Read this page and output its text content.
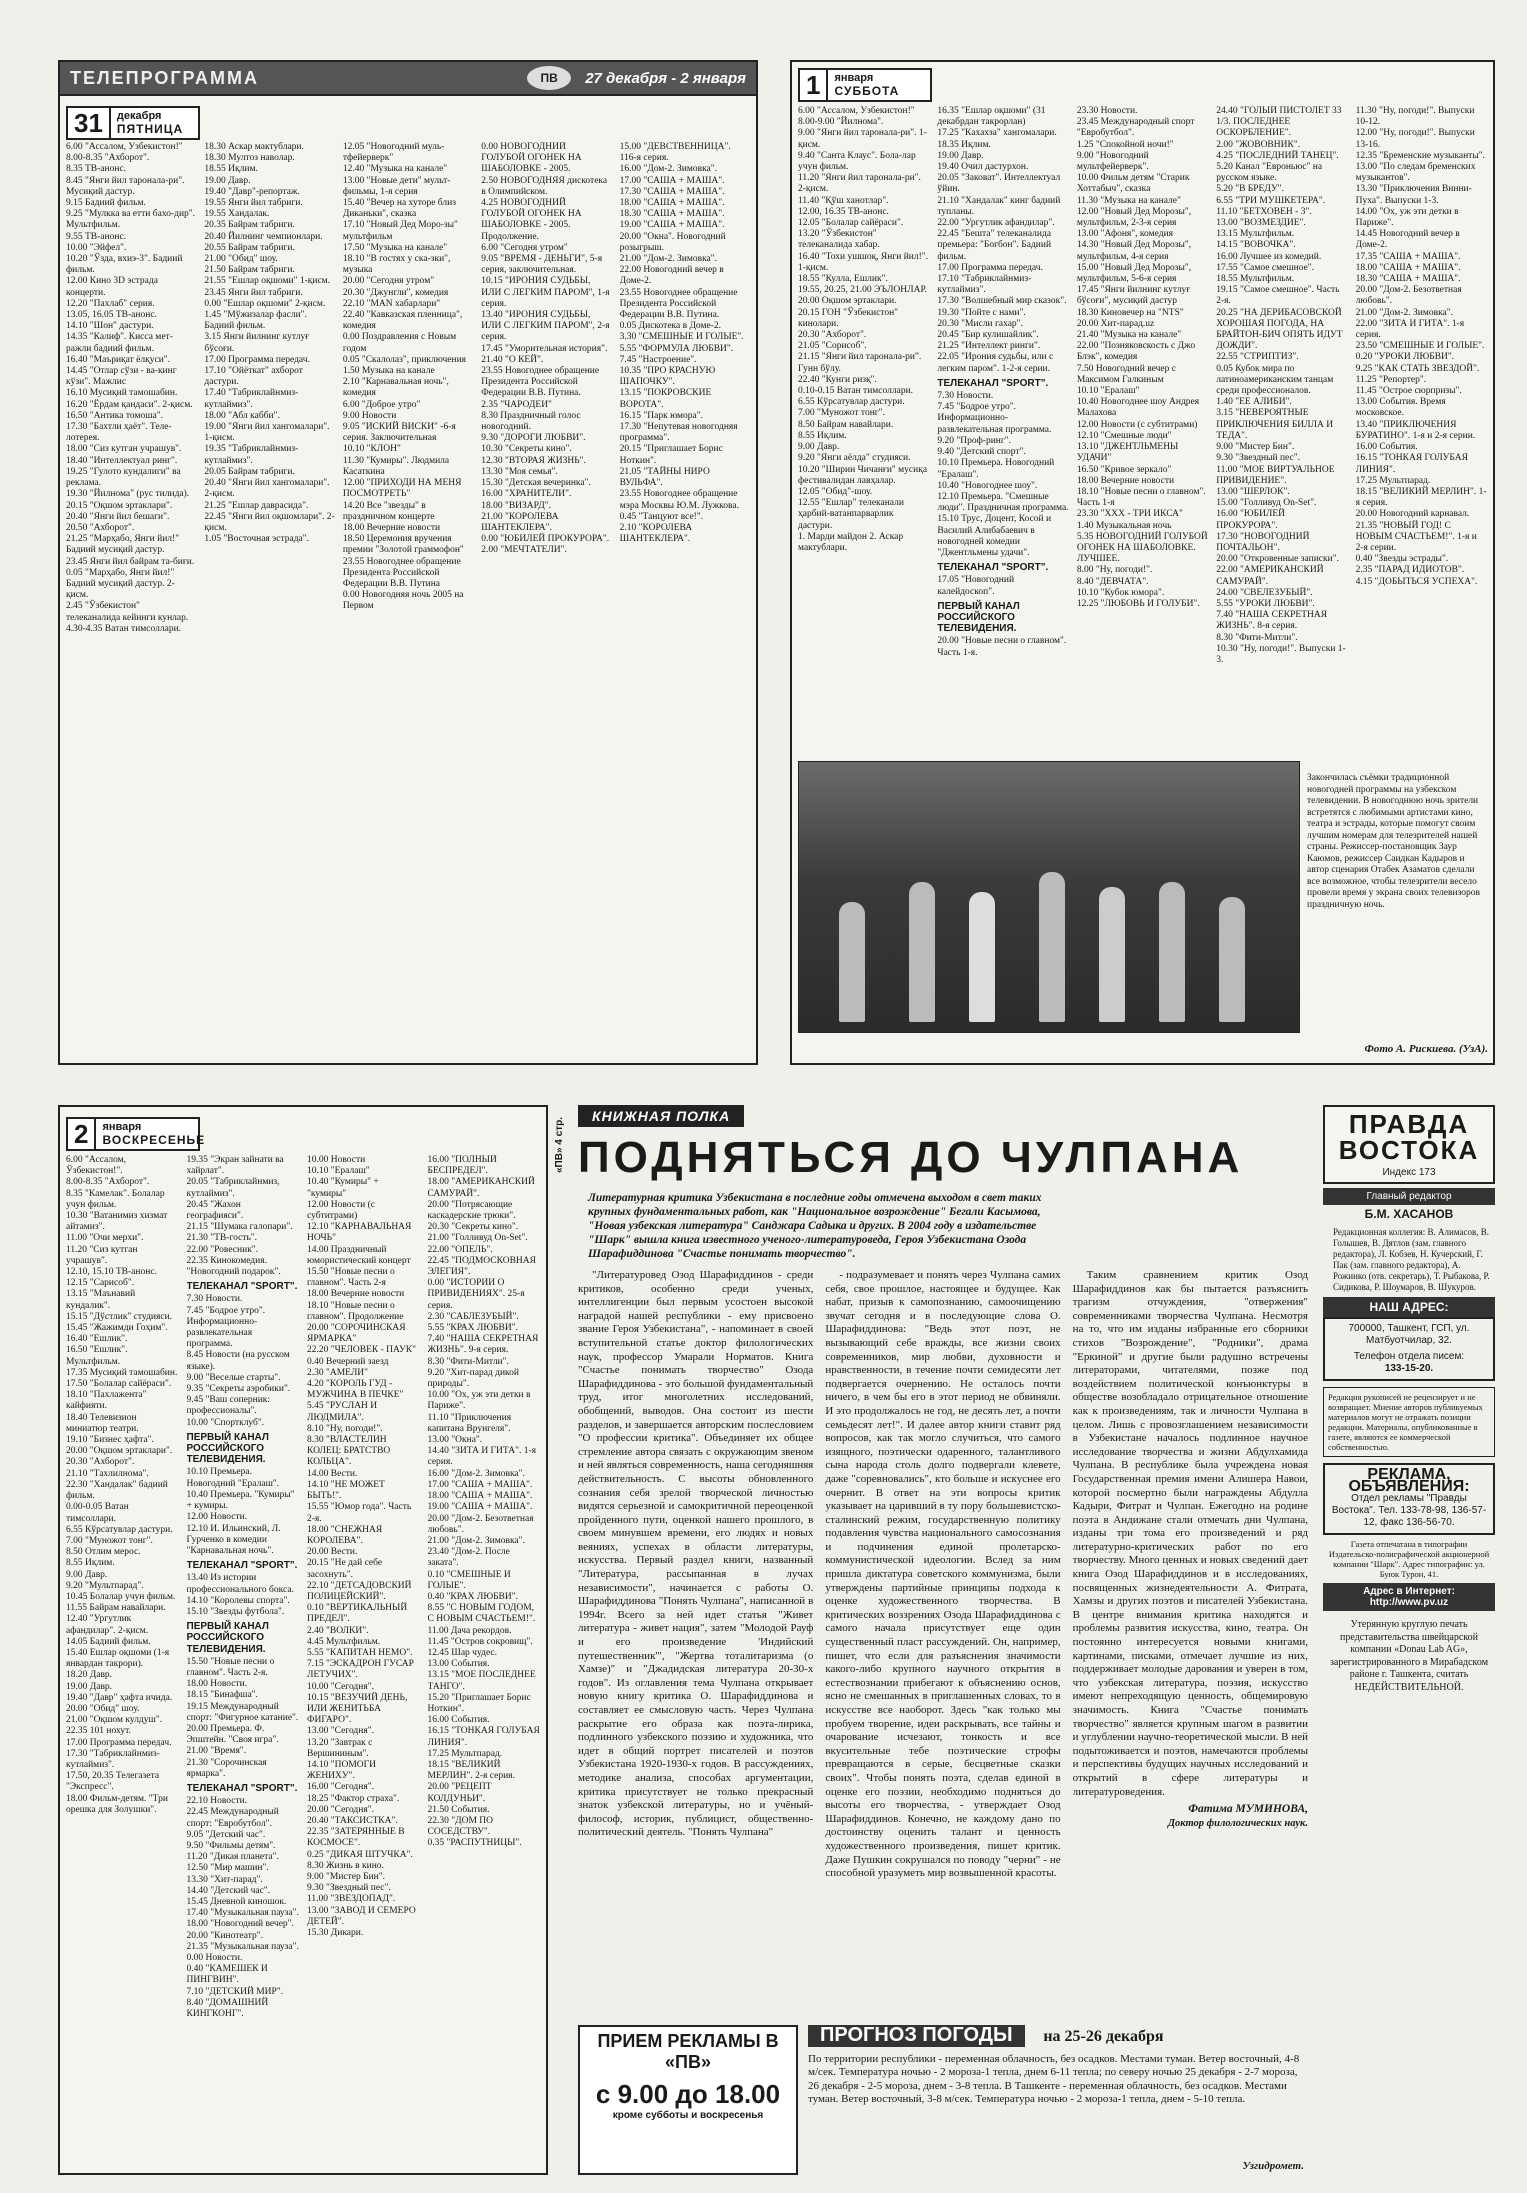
ТЕЛЕПРОГРАММА	ПВ	27 декабря - 2 января
31	декабря
ПЯТНИЦА
6.00 "Ассалом, Ўзбекистон!"
8.00-8.35 "Ахборот".
8.35 ТВ-анонс.
8.45 "Янги йил таронала-ри". Мусиқий дастур.
9.15 Бадиий фильм.
9.25 "Мулкка ва етти бахо-дир". Мультфильм.
9.55 ТВ-анонс.
10.00 "Эйфел".
10.20 "Ўзда, вхиэ-3". Бадиий фильм.
12.00 Кино 3D эстрада концерти.
12.20 "Пахлаб" серия.
13.05, 16.05 ТВ-анонс.
14.10 "Шон" дастури.
14.35 "Калиф". Кисса мет-ражли бадиий фильм.
16.40 "Маъриқат ёлқуси".
14.45 "Отлар сўзи - ва-кинг кўзи". Мажлис
16.10 Мусиқий тамошабин.
16.20 "Ёрдам қандаси". 2-қисм.
16.50 "Антика томоша".
17.30 "Бахтли ҳаёт". Теле-лотерея.
18.00 "Сиз кутган учрашув".
18.40 "Интеллектуал ринг".
19.25 "Гулото кундалиги" ва реклама.
19.30 "Йилнома" (рус тилида).
20.15 "Оқшом эртаклари".
20.40 "Янги йил бешаги".
20.50 "Ахборот".
21.25 "Марҳабо, Янги йил!" Бадиий мусиқий дастур.
23.45 Янги йил байрам та-биғи.
0.05 "Марҳабо, Янги йил!" Бадиий мусиқий дастур. 2-қисм.
2.45 "Ўзбекистон" телеканалида кейинги кунлар.
4.30-4.35 Ватан тимсоллари.
18.30 Аскар мактублари.
18.30 Мултоз наволар.
18.55 Иқлим.
19.00 Давр.
19.40 "Давр"-репортаж.
19.55 Янги йил табриги.
19.55 Хандалак.
20.35 Байрам табриги.
20.40 Йилнинг чемпионлари.
20.55 Байрам табриги.
21.00 "Обид" шоу.
21.50 Байрам табриги.
21.55 "Ешлар оқшоми" 1-қисм.
23.45 Янги йил табриги.
0.00 "Ешлар оқшоми" 2-қисм.
1.45 "Мўжизалар фасли". Бадиий фильм.
3.15 Янги йилнинг кутлуғ бўсоғи.
17.00 Программа передач.
17.10 "Ойёткат" ахборот дастури.
17.40 "Табриклайнмиз-кутлаймиз".
18.00 "Абл кабби".
19.00 "Янги йил хангомалари". 1-қисм.
19.35 "Табриклайнмиз-кутлаймиз".
20.05 Байрам табриги.
20.40 "Янги йил хангомалари". 2-қисм.
21.25 "Ешлар даврасида".
22.45 "Янги йил оқшомлари". 2-қисм.
1.05 "Восточная эстрада".
12.05 "Новогодний муль-тфейерверк"
12.40 "Музыка на канале"
13.00 "Новые дети" мульт-фильмы, 1-я серия
15.40 "Вечер на хуторе близ Диканьки", сказка
17.10 "Новый Дед Моро-зы" мультфильм
17.50 "Музыка на канале"
18.10 "В гостях у ска-зки", музыка
20.00 "Сегодня утром"
20.30 "Джунгли", комедия
22.10 "MAN хабарлари"
22.40 "Кавказская пленница", комедия
0.00 Поздравления с Новым годом
0.05 "Скалолаз", приключения
1.50 Музыка на канале
2.10 "Карнавальная ночь", комедия
6.00 "Доброе утро"
9.00 Новости
9.05 "ИСКИЙ ВИСКИ" -6-я серия. Заключительная
10.10 "КЛОН"
11.30 "Кумиры". Людмила Касаткина
12.00 "ПРИХОДИ НА МЕНЯ ПОСМОТРЕТЬ"
14.20 Все "звезды" в праздничном концерте
18.00 Вечерние новости
18.50 Церемония вручения премии "Золотой граммофон"
23.55 Новогоднее обращение Президента Российской Федерации В.В. Путина
0.00 Новогодняя ночь 2005 на Первом
0.00 НОВОГОДНИЙ ГОЛУБОЙ ОГОНЕК НА ШАБОЛОВКЕ - 2005.
2.50 НОВОГОДНЯЯ дискотека в Олимпийском.
4.25 НОВОГОДНИЙ ГОЛУБОЙ ОГОНЕК НА ШАБОЛОВКЕ - 2005. Продолжение.
6.00 "Сегодня утром"
9.05 "ВРЕМЯ - ДЕНЬГИ", 5-я серия, заключительная.
10.15 "ИРОНИЯ СУДЬБЫ, ИЛИ С ЛЕГКИМ ПАРОМ", 1-я серия.
13.40 "ИРОНИЯ СУДЬБЫ, ИЛИ С ЛЕГКИМ ПАРОМ", 2-я серия.
17.45 "Уморительная история".
21.40 "О КЕЙ".
23.55 Новогоднее обращение Президента Российской Федерации В.В. Путина.
2.35 "ЧАРОДЕИ"
8.30 Праздничный голос новогодний.
9.30 "ДОРОГИ ЛЮБВИ".
10.30 "Секреты кино".
12.30 "ВТОРАЯ ЖИЗНЬ".
13.30 "Моя семья".
15.30 "Детская вечеринка".
16.00 "ХРАНИТЕЛИ".
18.00 "ВИЗАРД".
21.00 "КОРОЛЕВА ШАНТЕКЛЕРА".
0.00 "ЮБИЛЕЙ ПРОКУРОРА".
2.00 "МЕЧТАТЕЛИ".
15.00 "ДЕВСТВЕННИЦА". 116-я серия.
16.00 "Дом-2. Зимовка".
17.00 "САША + МАША".
17.30 "САША + МАША".
18.00 "САША + МАША".
18.30 "САША + МАША".
19.00 "САША + МАША".
20.00 "Окна". Новогодний розыгрыш.
21.00 "Дом-2. Зимовка".
22.00 Новогодний вечер в Доме-2.
23.55 Новогоднее обращение Президента Российской Федерации В.В. Путина.
0.05 Дискотека в Доме-2.
3.30 "СМЕШНЫЕ И ГОЛЫЕ".
5.55 "ФОРМУЛА ЛЮБВИ".
7.45 "Настроение".
10.35 "ПРО КРАСНУЮ ШАПОЧКУ".
13.15 "ПОКРОВСКИЕ ВОРОТА".
16.15 "Парк юмора".
17.30 "Непутевая новогодняя программа".
20.15 "Приглашает Борис Ноткин".
21.05 "ТАЙНЫ НИРО ВУЛЬФА".
23.55 Новогоднее обращение мэра Москвы Ю.М. Лужкова.
0.45 "Танцуют все!".
2.10 "КОРОЛЕВА ШАНТЕКЛЕРА".
1	января
СУББОТА
6.00 "Ассалом, Ўзбекистон!"
8.00-9.00 "Йилнома".
9.00 "Янги йил таронала-ри". 1-қисм.
9.40 "Санта Клаус". Бола-лар учун фильм.
11.20 "Янги йил таронала-ри". 2-қисм.
11.40 "Қўш ханотлар".
12.00, 16.35 ТВ-анонс.
12.05 "Болалар сайёраси".
13.20 "Ўзбекистон" телеканалида хабар.
16.40 "Тохи ушшоқ, Янги йил!". 1-қисм.
18.55 "Кулла, Ешлик".
19.55, 20.25, 21.00 ЭЪЛОНЛАР.
20.00 Оқшом эртаклари.
20.15 ГОН "Ўзбекистон" кинолари.
20.30 "Ахборот".
21.05 "Сорисоб".
21.15 "Янги йил таронала-ри". Гунн бўлу.
22.40 "Кунги ризқ".
0.10-0.15 Ватан тимсоллари.
6.55 Кўрсатувлар дастури.
7.00 "Муножот тонг".
8.50 Байрам навайлари.
8.55 Иқлим.
9.00 Давр.
9.20 "Янги аёлда" студияси.
10.20 "Ширин Чичанғи" мусиқа фестивалидан лавҳалар.
12.05 "Обид"-шоу.
12.55 "Ешлар" телеканали ҳарбий-ватанпарварлик дастури.
1. Марди майдон 2. Аскар мактублари.
16.35 "Ешлар оқшоми" (31 декабрдан такрорлан)
17.25 "Кахахза" хангомалари.
18.35 Иқлим.
19.00 Давр.
19.40 Очил дастурхон.
20.05 "Заковат". Интеллектуал ўйин.
21.10 "Хандалак" кинг бадиий тупланы.
22.00 "Ургутлик афандилар".
22.45 "Бешта" телеканалида премьера: "Богбон". Бадиий фильм.
17.00 Программа передач.
17.10 "Табриклайнмиз-кутлаймиз".
17.30 "Волшебный мир сказок".
19.30 "Пойте с нами".
20.30 "Мисли гахар".
20.45 "Бир кулишайлик".
21.25 "Интеллект ринги".
22.05 "Ирония судьбы, или с легким паром". 1-2-я серии.
ТЕЛЕКАНАЛ "SPORT".
7.30 Новости.
7.45 "Бодрое утро". Информационно-развлекательная программа.
9.20 "Проф-ринг".
9.40 "Детский спорт".
10.10 Премьера. Новогодний "Ералаш".
10.40 "Новогоднее шоу".
12.10 Премьера. "Смешные люди". Праздничная программа.
15.10 Трус, Доцент, Косой и Василий Алибабаевич в новогодней комедии "Джентльмены удачи".
ТЕЛЕКАНАЛ "SPORT".
17.05 "Новогодний калейдоскоп".
ПЕРВЫЙ КАНАЛ РОССИЙСКОГО ТЕЛЕВИДЕНИЯ.
20.00 "Новые песни о главном". Часть 1-я.
23.30 Новости.
23.45 Международный спорт "Евробутбол".
1.25 "Спокойной ночи!"
9.00 "Новогодний мультфейерверк".
10.00 Фильм детям "Старик Хоттабыч", сказка
11.30 "Музыка на канале"
12.00 "Новый Дед Морозы", мультфильм, 2-3-я серия
13.00 "Афоня", комедия
14.30 "Новый Дед Морозы", мультфильм, 4-я серия
15.00 "Новый Дед Морозы", мультфильм, 5-6-я серия
17.45 "Янги йилнинг кутлуғ бўсоғи", мусиқий дастур
18.30 Киновечер на "NTS"
20.00 Хит-парад.uz
21.40 "Музыка на канале"
22.00 "Позняковскость с Джо Блэк", комедия
7.50 Новогодний вечер с Максимом Галкиным
10.10 "Ералаш"
10.40 Новогоднее шоу Андрея Малахова
12.00 Новости (с субтитрами)
12.10 "Смешные люди"
13.10 "ДЖЕНТЛЬМЕНЫ УДАЧИ"
16.50 "Кривое зеркало"
18.00 Вечерние новости
18.10 "Новые песни о главном". Часть 1-я
23.30 "XXX - ТРИ ИКСА"
1.40 Музыкальная ночь
5.35 НОВОГОДНИЙ ГОЛУБОЙ ОГОНЕК НА ШАБОЛОВКЕ. ЛУЧШЕЕ.
8.00 "Ну, погоди!".
8.40 "ДЕВЧАТА".
10.10 "Кубок юмора".
12.25 "ЛЮБОВЬ И ГОЛУБИ".
24.40 "ГОЛЫЙ ПИСТОЛЕТ 33 1/3. ПОСЛЕДНЕЕ ОСКОРБЛЕНИЕ".
2.00 "ЖОВОВНИК".
4.25 "ПОСЛЕДНИЙ ТАНЕЦ".
5.20 Канал "Евроньюс" на русском языке.
5.20 "В БРЕДУ".
6.55 "ТРИ МУШКЕТЕРА".
11.10 "БЕТХОВЕН - 3".
13.00 "ВОЗМЕЗДИЕ".
13.15 Мультфильм.
14.15 "ВОВОЧКА".
16.00 Лучшее из комедий.
17.55 "Самое смешное".
18.55 Мультфильм.
19.15 "Самое смешное". Часть 2-я.
20.25 "НА ДЕРИБАСОВСКОЙ ХОРОШАЯ ПОГОДА, НА БРАЙТОН-БИЧ ОПЯТЬ ИДУТ ДОЖДИ".
22.55 "СТРИПТИЗ".
0.05 Кубок мира по латиноамериканским танцам среди профессионалов.
1.40 "ЕЕ АЛИБИ".
3.15 "НЕВЕРОЯТНЫЕ ПРИКЛЮЧЕНИЯ БИЛЛА И ТЕДА".
9.00 "Мистер Бин".
9.30 "Звездный пес".
11.00 "МОЕ ВИРТУАЛЬНОЕ ПРИВИДЕНИЕ".
13.00 "ШЕРЛОК".
15.00 "Голливуд On-Set".
16.00 "ЮБИЛЕЙ ПРОКУРОРА".
17.30 "НОВОГОДНИЙ ПОЧТАЛЬОН".
20.00 "Откровенные записки".
22.00 "АМЕРИКАНСКИЙ САМУРАЙ".
24.00 "СВЕЛЕЗУБЫЙ".
5.55 "УРОКИ ЛЮБВИ".
7.40 "НАША СЕКРЕТНАЯ ЖИЗНЬ". 8-я серия.
8.30 "Фити-Митли".
10.30 "Ну, погоди!". Выпуски 1-3.
11.30 "Ну, погоди!". Выпуски 10-12.
12.00 "Ну, погоди!". Выпуски 13-16.
12.35 "Бременские музыканты".
13.00 "По следам бременских музыкантов".
13.30 "Приключения Винни-Пуха". Выпуски 1-3.
14.00 "Ох, уж эти детки в Париже".
14.45 Новогодний вечер в Доме-2.
17.35 "САША + МАША".
18.00 "САША + МАША".
18.30 "САША + МАША".
20.00 "Дом-2. Безответная любовь".
21.00 "Дом-2. Зимовка".
22.00 "ЗИТА И ГИТА". 1-я серия.
23.50 "СМЕШНЫЕ И ГОЛЫЕ".
0.20 "УРОКИ ЛЮБВИ".
9.25 "КАК СТАТЬ ЗВЕЗДОЙ".
11.25 "Репортер".
11.45 "Острое сюрпризы".
13.00 События. Время московское.
13.40 "ПРИКЛЮЧЕНИЯ БУРАТИНО". 1-я и 2-я серии.
16.00 События.
16.15 "ТОНКАЯ ГОЛУБАЯ ЛИНИЯ".
17.25 Мультпарад.
18.15 "ВЕЛИКИЙ МЕРЛИН". 1-я серия.
20.00 Новогодний карнавал.
21.35 "НОВЫЙ ГОД! С НОВЫМ СЧАСТЬЕМ!". 1-я и 2-я серии.
0.40 "Звезды эстрады".
2.35 "ПАРАД ИДИОТОВ".
4.15 "ДОБЫТЬСЯ УСПЕХА".
Закончилась съёмки традиционной новогодней программы на узбекском телевидении. В новогоднюю ночь зрители встретятся с любимыми артистами кино, театра и эстрады, которые помогут своим лучшим номерам для телезрителей нашей страны. Режиссер-постановщик Заур Каюмов, режиссер Саидкан Кадыров и автор сценария Отабек Азаматов сделали все возможное, чтобы телезрители весело провели время у экрана своих телевизоров праздничную ночь.
Фото А. Рискиева. (УзА).
2	января
ВОСКРЕСЕНЬЕ
6.00 "Ассалом, Ўзбекистон!".
8.00-8.35 "Ахборот".
8.35 "Камелак". Болалар учун фильм.
10.30 "Ватанимиз хизмат айтамиз".
11.00 "Очи мерхи".
11.20 "Сиз кутган учрашув".
12.10, 15.10 ТВ-анонс.
12.15 "Сарисоб".
13.15 "Маънавий кундалик".
15.15 "Дўстлик" студияси.
15.45 "Жажимди Гоҳим".
16.40 "Ешлик".
16.50 "Ешлик". Мультфильм.
17.35 Мусиқий тамошабин.
17.50 "Болалар сайёраси".
18.10 "Пахлажента" кайфияти.
18.40 Телевизион миниатюр театри.
19.10 "Бизнес ҳафта".
20.00 "Оқшом эртаклари".
20.30 "Ахборот".
21.10 "Тахлилнома".
22.30 "Хандалак" бадиий фильм.
0.00-0.05 Ватан тимсоллари.
6.55 Кўрсатувлар дастури.
7.00 "Муножот тонг".
8.50 Отлим мерос.
8.55 Иқлим.
9.00 Давр.
9.20 "Мультпарад".
10.45 Болалар учун фильм.
11.55 Байрам навайлари.
12.40 "Ургутлик афандилар". 2-қисм.
14.05 Бадиий фильм.
15.40 Ешлар оқшоми (1-я январдан такрори).
18.20 Давр.
19.00 Давр.
19.40 "Давр" ҳафта ичида.
20.00 "Обид" шоу.
21.00 "Оқшом кулдуш".
22.35 101 нохут.
17.00 Программа передач.
17.30 "Табриклайнмиз-кутлаймиз".
17.50, 20.35 Телегазета "Экспресс".
18.00 Фильм-детям. "Три орешка для Золушки".
19.35 "Экран зайнати ва хайрлат".
20.05 "Табриклайнмиз, кутлаймиз".
20.45 "Жахон географияси".
21.15 "Шумака галопари".
21.30 "ТВ-гость".
22.00 "Ровесник".
22.35 Кинокомедия. "Новогодний подарок".
ТЕЛЕКАНАЛ "SPORT".
7.30 Новости.
7.45 "Бодрое утро". Информационно-развлекательная программа.
8.45 Новости (на русском языке).
9.00 "Веселые старты".
9.35 "Секреты аэробики".
9.45 "Ваш соперник: профессионалы".
10.00 "Спортклуб".
ПЕРВЫЙ КАНАЛ РОССИЙСКОГО ТЕЛЕВИДЕНИЯ.
10.10 Премьера. Новогодний "Ералаш".
10.40 Премьера. "Кумиры" + кумиры.
12.00 Новости.
12.10 И. Ильинский, Л. Гурченко в комедии "Карнавальная ночь".
ТЕЛЕКАНАЛ "SPORT".
13.40 Из истории профессионального бокса.
14.10 "Королевы спорта".
15.10 "Звезды футбола".
ПЕРВЫЙ КАНАЛ РОССИЙСКОГО ТЕЛЕВИДЕНИЯ.
15.50 "Новые песни о главном". Часть 2-я.
18.00 Новости.
18.15 "Бинафша".
19.15 Международный спорт: "Фигурное катание".
20.00 Премьера. Ф. Эпштейн. "Своя игра".
21.00 "Время".
21.30 "Сорочинская ярмарка".
ТЕЛЕКАНАЛ "SPORT".
22.10 Новости.
22.45 Международный спорт: "Евробутбол".
9.05 "Детский час".
9.50 "Фильмы детям".
11.20 "Дикая планета".
12.50 "Мир машин".
13.30 "Хит-парад".
14.40 "Детский час".
15.45 Дневной киношок.
17.40 "Музыкальная пауза".
18.00 "Новогодний вечер".
20.00 "Кинотеатр".
21.35 "Музыкальная пауза".
0.00 Новости.
0.40 "КАМЕШЕК И ПИНГВИН".
7.10 "ДЕТСКИЙ МИР".
8.40 "ДОМАШНИЙ КИНГКОНГ".
10.00 Новости
10.10 "Ералаш"
10.40 "Кумиры" + "кумиры"
12.00 Новости (с субтитрами)
12.10 "КАРНАВАЛЬНАЯ НОЧЬ"
14.00 Праздничный юмористический концерт
15.50 "Новые песни о главном". Часть 2-я
18.00 Вечерние новости
18.10 "Новые песни о главном". Продолжение
20.00 "СОРОЧИНСКАЯ ЯРМАРКА"
22.20 "ЧЕЛОВЕК - ПАУК"
0.40 Вечерний заезд
2.30 "АМЕЛИ"
4.20 "КОРОЛЬ ГУД - МУЖЧИНА В ПЕЧКЕ"
5.45 "РУСЛАН И ЛЮДМИЛА".
8.10 "Ну, погоди!".
8.30 "ВЛАСТЕЛИН КОЛЕЦ: БРАТСТВО КОЛЬЦА".
14.00 Вести.
14.10 "НЕ МОЖЕТ БЫТЬ!".
15.55 "Юмор года". Часть 2-я.
18.00 "СНЕЖНАЯ КОРОЛЕВА".
20.00 Вести.
20.15 "Не дай себе засохнуть".
22.10 "ДЕТСАДОВСКИЙ ПОЛИЦЕЙСКИЙ".
0.10 "ВЕРТИКАЛЬНЫЙ ПРЕДЕЛ".
2.40 "ВОЛКИ".
4.45 Мультфильм.
5.55 "КАПИТАН НЕМО".
7.15 "ЭСКАДРОН ГУСАР ЛЕТУЧИХ".
10.00 "Сегодня".
10.15 "ВЕЗУЧИЙ ДЕНЬ, ИЛИ ЖЕНИТЬБА ФИГАРО".
13.00 "Сегодня".
13.20 "Завтрак с Вершининым".
14.10 "ПОМОГИ ЖЕНИХУ".
16.00 "Сегодня".
18.25 "Фактор страха".
20.00 "Сегодня".
20.40 "ТАКСИСТКА".
22.35 "ЗАТЕРЯННЫЕ В КОСМОСЕ".
0.25 "ДИКАЯ ШТУЧКА".
8.30 Жизнь в кино.
9.00 "Мистер Бин".
9.30 "Звездный пес".
11.00 "ЗВЕЗДОПАД".
13.00 "ЗАВОД И СЕМЕРО ДЕТЕЙ".
15.30 Дикари.
16.00 "ПОЛНЫЙ БЕСПРЕДЕЛ".
18.00 "АМЕРИКАНСКИЙ САМУРАЙ".
20.00 "Потрясающие каскадерские трюки".
20.30 "Секреты кино".
21.00 "Голливуд On-Set".
22.00 "ОПЕЛЬ".
22.45 "ПОДМОСКОВНАЯ ЭЛЕГИЯ".
0.00 "ИСТОРИИ О ПРИВИДЕНИЯХ". 25-я серия.
2.30 "САБЛЕЗУБЫЙ".
5.55 "КРАХ ЛЮБВИ".
7.40 "НАША СЕКРЕТНАЯ ЖИЗНЬ". 9-я серия.
8.30 "Фити-Митли".
9.20 "Хит-парад дикой природы".
10.00 "Ох, уж эти детки в Париже".
11.10 "Приключения капитана Врунгеля".
13.00 "Окна".
14.40 "ЗИТА И ГИТА". 1-я серия.
16.00 "Дом-2. Зимовка".
17.00 "САША + МАША".
18.00 "САША + МАША".
19.00 "САША + МАША".
20.00 "Дом-2. Безответная любовь".
21.00 "Дом-2. Зимовка".
23.40 "Дом-2. После заката".
0.10 "СМЕШНЫЕ И ГОЛЫЕ".
0.40 "КРАХ ЛЮБВИ".
8.55 "С НОВЫМ ГОДОМ, С НОВЫМ СЧАСТЬЕМ!".
11.00 Дача рекордов.
11.45 "Остров сокровищ".
12.45 Шар чудес.
13.00 События.
13.15 "МОЕ ПОСЛЕДНЕЕ ТАНГО".
15.20 "Приглашает Борис Ноткин".
16.00 События.
16.15 "ТОНКАЯ ГОЛУБАЯ ЛИНИЯ".
17.25 Мультпарад.
18.15 "ВЕЛИКИЙ МЕРЛИН". 2-я серия.
20.00 "РЕЦЕПТ КОЛДУНЬИ".
21.50 События.
22.30 "ДОМ ПО СОСЕДСТВУ".
0.35 "РАСПУТНИЦЫ".
«ПВ» 4 стр.
КНИЖНАЯ ПОЛКА
ПОДНЯТЬСЯ ДО ЧУЛПАНА
Литературная критика Узбекистана в последние годы отмечена выходом в свет таких крупных фундаментальных работ, как "Национальное возрождение" Бегали Касымова, "Новая узбекская литература" Санджара Садыка и других. В 2004 году в издательстве "Шарк" вышла книга известного ученого-литературоведа, Героя Узбекистана Озода Шарафиддинова "Счастье понимать творчество".

"Литературовед Озод Шарафиддинов - среди критиков, особенно среди ученых, интеллигенции был первым усостоен высокой наградой нашей республики - ему присвоено звание Героя Узбекистана", - напоминает в своей вступительной статье доктор филологических наук, профессор Умарали Норматов. Книга "Счастье понимать творчество" Озода Шарафиддинова - это большой фундаментальный труд, итог многолетних исследований, обобщений, выводов. Она состоит из шести разделов, и завершается авторским послесловием "О профессии критика". Объединяет их общее стремление автора связать с окружающим звеном и ней являться современность, наша сегодняшняя действительность. С высоты обновленного сознания себя зрелой творческой личностью видятся серьезной и самокритичной переоценкой пройденного пути, оценкой нашего прошлого, в своем минувшем времени, его людях и новых веяниях, успехах в области литературы, искусства. Первый раздел книги, названный "Литература, рассыпанная в лучах независимости", начинается с работы О. Шарафиддинова "Понять Чулпана", написанной в 1994г. Всего за ней идет статья "Живет литература - живет нация", затем "Молодой Рауф и его произведение 'Индийский путешественник'", "Жертва тоталитаризма (о Хамзе)" и "Джадидская литература 20-30-х годов". Из оглавления тема Чулпана открывает новую книгу критика О. Шарафиддинова и составляет ее смысловую часть. Через Чулпана раскрытие его образа как поэта-лирика, подлинного узбекского поэзию и художника, что идет в общий портрет писателей и поэтов Узбекистана 1920-1930-х годов. В рассуждениях, методике анализа, способах аргументации, критика присутствует не только прекрасный знаток узбекской литературы, но и учёный-философ, историк, публицист, общественно-политический деятель. "Понять Чулпана"

- подразумевает и понять через Чулпана самих себя, свое прошлое, настоящее и будущее. Как набат, призыв к самопознанию, самоочищению звучат сегодня и в последующие слова О. Шарафиддинова: "Ведь этот поэт, не вызывающий себе вражды, все жизни своих современников, мир любви, духовности и нравственности, в течение почти семидесяти лет подвергается очернению. Не осталось почти ничего, в чем бы его в этот период не обвиняли. И это продолжалось не год, не десять лет, а почти семьдесят лет!". И далее автор книги ставит ряд вопросов, как так могло случиться, что самого изящного, поэтически одаренного, талантливого сына народа столь долго подвергали клевете, даже "соревновались", кто больше и искуснее его очернит. В ответ на эти вопросы критик указывает на царивший в ту пору большевистско-сталинский режим, государственную политику подавления чувства национального самосознания и подчинения единой пролетарско-коммунистической идеологии. Вслед за ним пришла диктатура советского коммунизма, были утверждены партийные принципы подхода к оценке художественного творчества. В критических воззрениях Озода Шарафиддинова с самого начала присутствует еще один существенный пласт рассуждений. Он, например, пишет, что если для разъяснения значимости какого-либо крупного научного открытия в естествознании прибегают к объяснению основ, ясно не смешанных в приглашенных словах, то в искусстве все наоборот. Здесь "как только мы пробуем творение, идеи раскрывать, все тайны и очарование исчезают, тонкость и все вкусительные тебе поэтические строфы превращаются в серые, бесцветные сказки своих". Чтобы понять поэта, сделав единой в оценке его поэзии, необходимо подняться до высоты его творчества, - утверждает Озод Шарафиддинов. Конечно, не каждому дано по достоинству оценить талант и ценность художественного произведения, пишет критик. Даже Пушкин сокрушался по поводу "черни" - не способной уразуметь мир возвышенной красоты.

Таким сравнением критик Озод Шарафиддинов как бы пытается разъяснить трагизм отчуждения, "отвержения" современниками творчества Чулпана. Несмотря на то, что им изданы избранные его сборники стихов "Возрождение", "Родники", драма "Еркиной" и другие были радушно встречены литераторами, читателями, позже под воздействием политической конъюнктуры в обществе возобладало отрицательное отношение как к произведениям, так и личности Чулпана в целом. Лишь с провозглашением независимости в Узбекистане началось подлинное научное исследование творчества и жизни Абдулхамида Чулпана. В республике была учреждена новая Государственная премия имени Алишера Навои, которой посмертно были награждены Абдулла Кадыри, Фитрат и Чулпан. Ежегодно на родине поэта в Андижане стали отмечать дни Чулпана, изданы три тома его произведений и ряд литературно-критических работ по его творчеству. Много ценных и новых сведений дает книга Озод Шарафиддинов и в исследованиях, посвященных жизнедеятельности А. Фитрата, Хамзы и других поэтов и писателей Узбекистана. В центре внимания критика находятся и проблемы развития искусства, кино, театра. Он постоянно интересуется новыми книгами, картинами, писками, отмечает лучшие из них, поддерживает молодые дарования и уверен в том, что узбекская литература, поэзия, искусство имеют непреходящую ценность, общемировую значимость. Книга "Счастье понимать творчество" является крупным шагом в развитии и углублении научно-теоретической мысли. В ней подытоживается и поэтов, намечаются проблемы и перспективы будущих научных исследований и открытий в сфере литературы и литературоведения.

Фатима МУМИНОВА,
Доктор филологических наук.
ПРИЕМ РЕКЛАМЫ В «ПВ»
с 9.00 до 18.00
кроме субботы и воскресенья
ПРОГНОЗ ПОГОДЫ на 25-26 декабря
По территории республики - переменная облачность, без осадков. Местами туман. Ветер восточный, 4-8 м/сек. Температура ночью - 2 мороза-1 тепла, днем 6-11 тепла; по северу ночью 25 декабря - 2-7 мороза, 26 декабря - 2-5 мороза, днем - 3-8 тепла. В Ташкенте - переменная облачность, без осадков. Местами туман. Ветер восточный, 3-8 м/сек. Температура ночью - 2 мороза-1 тепла, днем - 5-10 тепла.
Узгидромет.
ПРАВДА
ВОСТОКА
Индекс 173
Главный редактор
Б.М. ХАСАНОВ
Редакционная коллегия: В. Алимасов, В. Голышев, В. Дятлов (зам. главного редактора), Л. Кобзев, Н. Кучерский, Г. Пак (зам. главного редактора), А. Рожинко (отв. секретарь), Т. Рыбакова, Р. Сидикова, Р. Шоумаров, В. Шукуров.
НАШ АДРЕС:
700000, Ташкент, ГСП, ул. Матбуотчилар, 32.
Телефон отдела писем:
133-15-20.
Редакция рукописей не рецензирует и не возвращает. Мнение авторов публикуемых материалов могут не отражать позиции редакции. Материалы, опубликованные в газете, являются ее коммерческой собственностью.
РЕКЛАМА, ОБЪЯВЛЕНИЯ:
Отдел рекламы "Правды Востока". Тел. 133-78-98, 136-57-12, факс 136-56-70.
Газета отпечатана в типографии Издательско-полиграфической акционерной компании "Шарк". Адрес типографии: ул. Буюк Турон, 41.
Адрес в Интернет: http://www.pv.uz
Утерянную круглую печать представительства швейцарской компании «Donau Lab AG», зарегистрированного в Мирабадском районе г. Ташкента, считать НЕДЕЙСТВИТЕЛЬНОЙ.
